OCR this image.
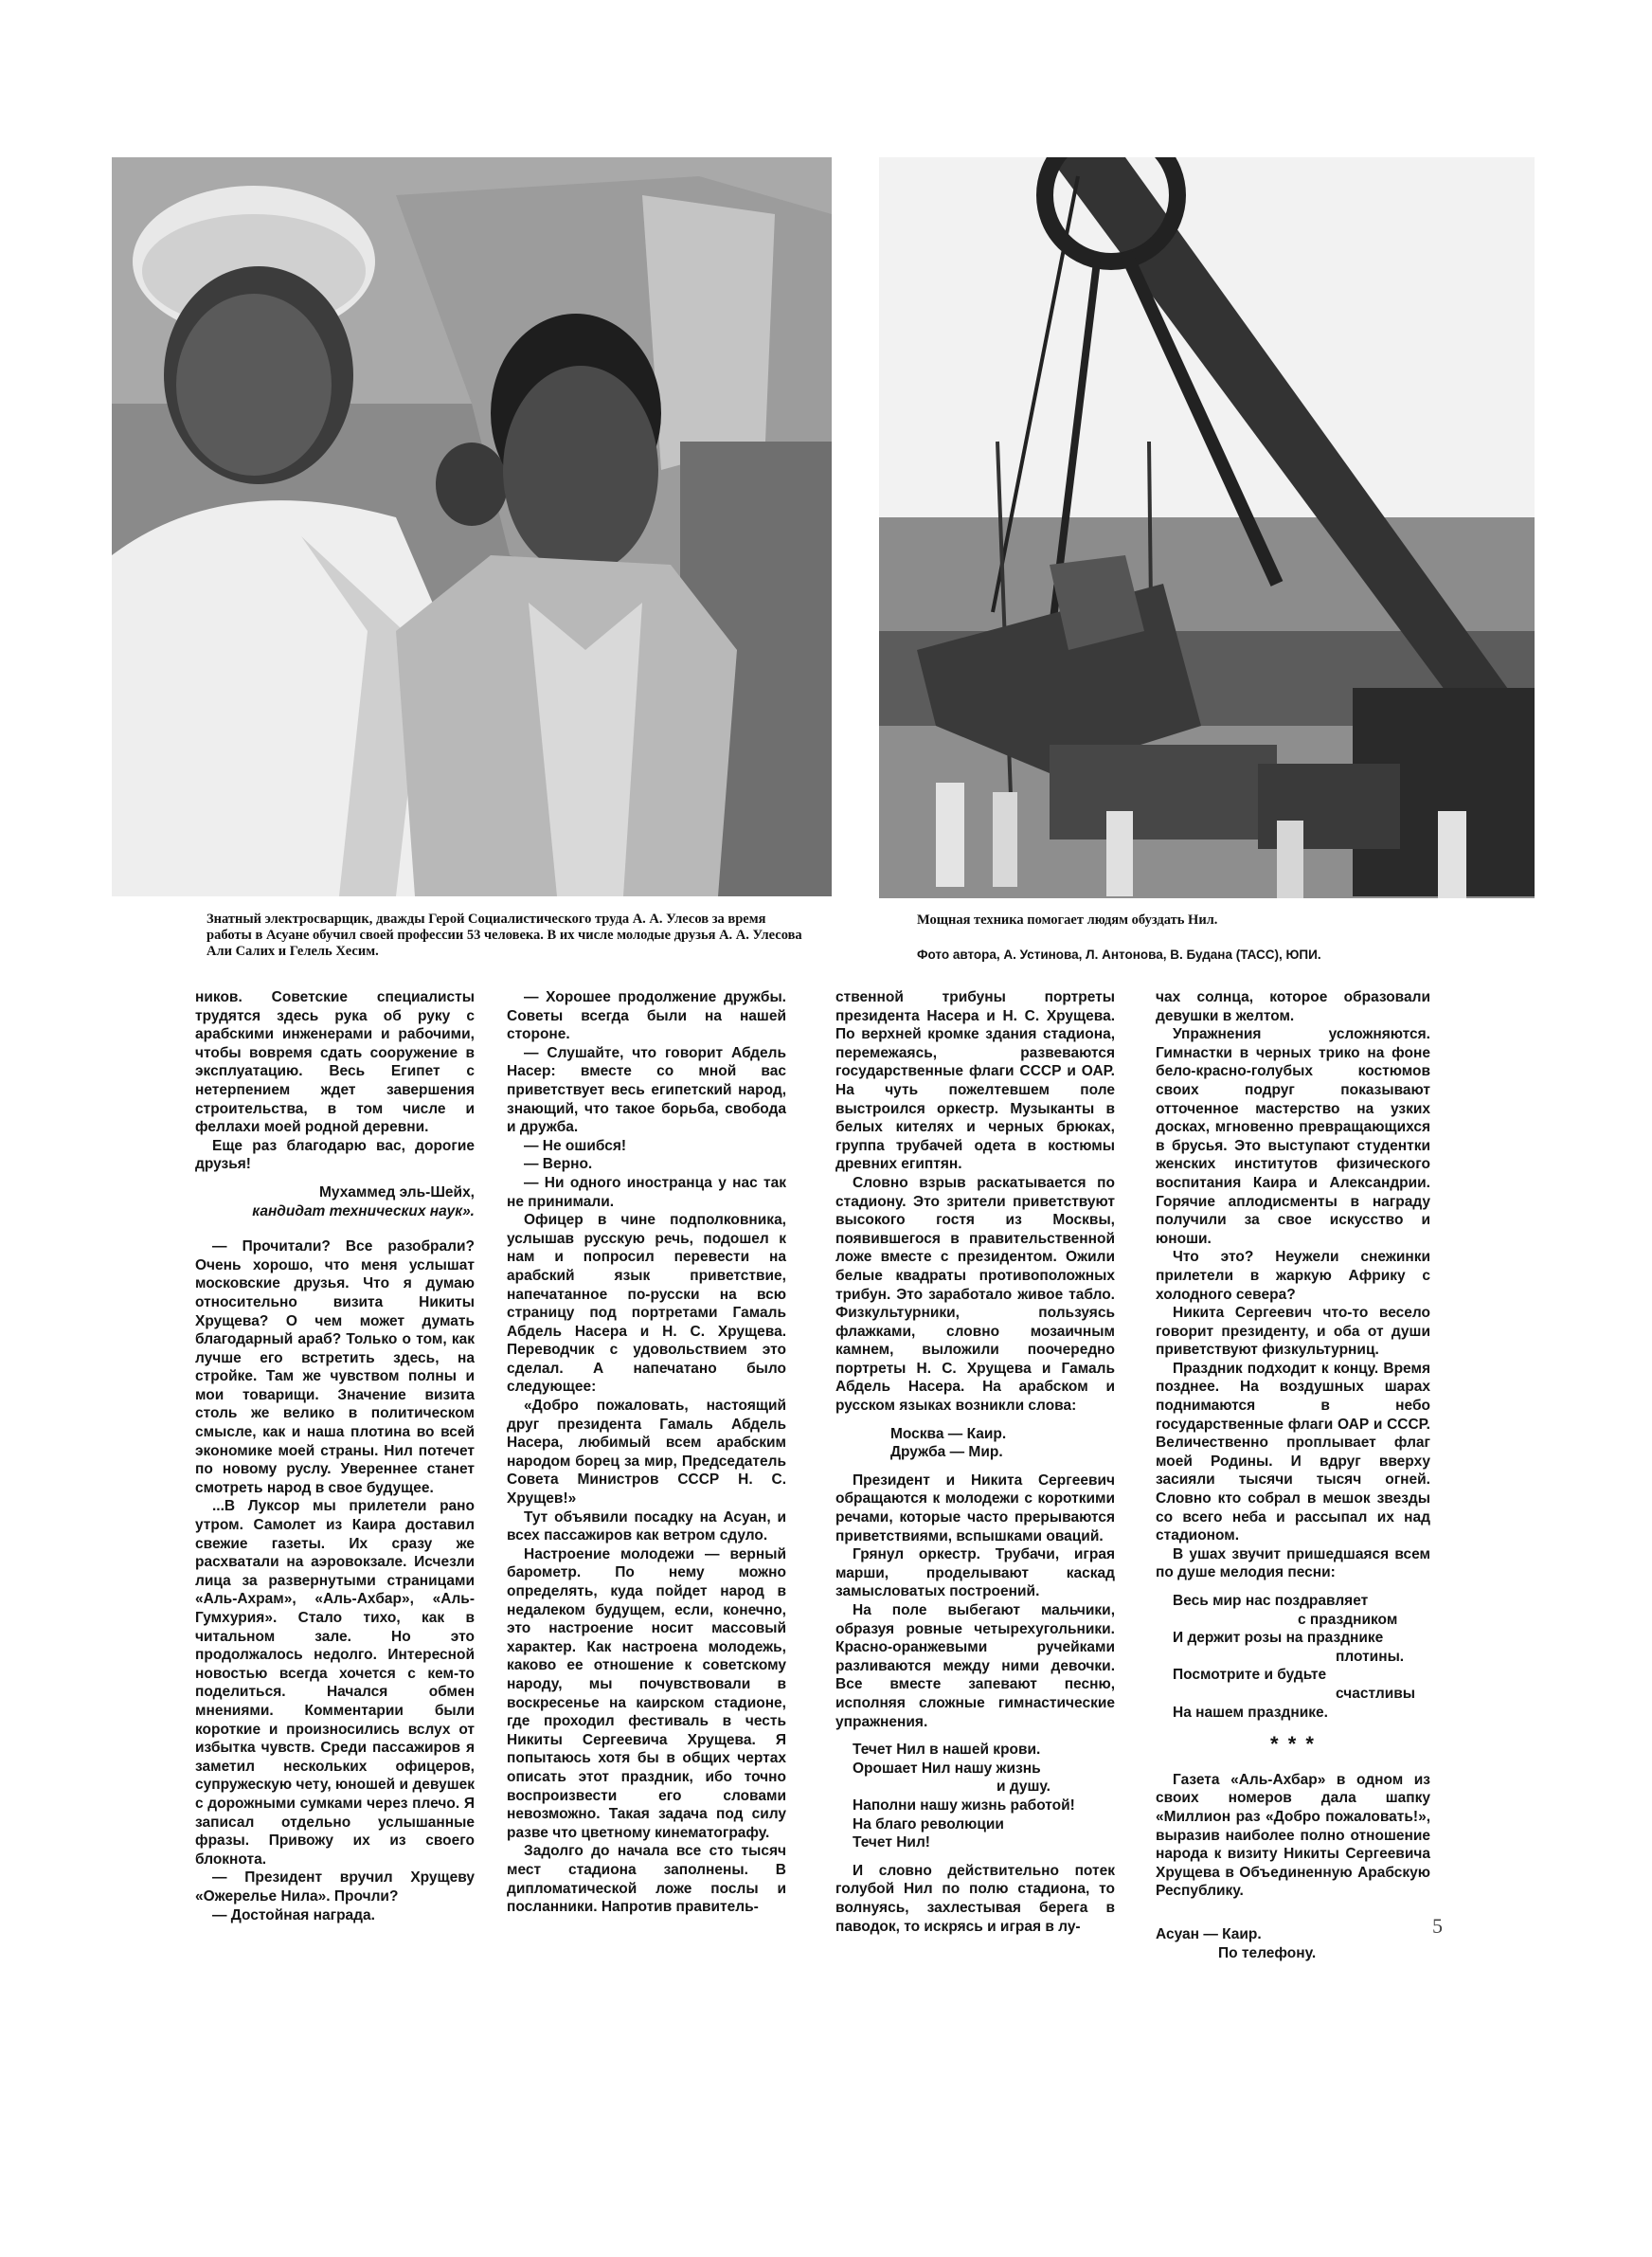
Знатный электросварщик, дважды Герой Социалистического труда А. А. Улесов за время работы в Асуане обучил своей профессии 53 человека. В их числе молодые друзья А. А. Улесова Али Салих и Гелель Хесим.
Мощная техника помогает людям обуздать Нил.
Фото автора, А. Устинова, Л. Антонова, В. Будана (ТАСС), ЮПИ.

ников. Советские специалисты трудятся здесь рука об руку с арабскими инженерами и рабочими, чтобы вовремя сдать сооружение в эксплуатацию. Весь Египет с нетерпением ждет завершения строительства, в том числе и феллахи моей родной деревни.

Еще раз благодарю вас, дорогие друзья!

Мухаммед эль-Шейх,
кандидат технических наук».

— Прочитали? Все разобрали? Очень хорошо, что меня услышат московские друзья. Что я думаю относительно визита Никиты Хрущева? О чем может думать благодарный араб? Только о том, как лучше его встретить здесь, на стройке. Там же чувством полны и мои товарищи. Значение визита столь же велико в политическом смысле, как и наша плотина во всей экономике моей страны. Нил потечет по новому руслу. Увереннее станет смотреть народ в свое будущее.

...В Луксор мы прилетели рано утром. Самолет из Каира доставил свежие газеты. Их сразу же расхватали на аэровокзале. Исчезли лица за развернутыми страницами «Аль-Ахрам», «Аль-Ахбар», «Аль-Гумхурия». Стало тихо, как в читальном зале. Но это продолжалось недолго. Интересной новостью всегда хочется с кем-то поделиться. Начался обмен мнениями. Комментарии были короткие и произносились вслух от избытка чувств. Среди пассажиров я заметил нескольких офицеров, супружескую чету, юношей и девушек с дорожными сумками через плечо. Я записал отдельно услышанные фразы. Привожу их из своего блокнота.

— Президент вручил Хрущеву «Ожерелье Нила». Прочли?

— Достойная награда.

— Хорошее продолжение дружбы. Советы всегда были на нашей стороне.

— Слушайте, что говорит Абдель Насер: вместе со мной вас приветствует весь египетский народ, знающий, что такое борьба, свобода и дружба.

— Не ошибся!

— Верно.

— Ни одного иностранца у нас так не принимали.

Офицер в чине подполковника, услышав русскую речь, подошел к нам и попросил перевести на арабский язык приветствие, напечатанное по-русски на всю страницу под портретами Гамаль Абдель Насера и Н. С. Хрущева. Переводчик с удовольствием это сделал. А напечатано было следующее:

«Добро пожаловать, настоящий друг президента Гамаль Абдель Насера, любимый всем арабским народом борец за мир, Председатель Совета Министров СССР Н. С. Хрущев!»

Тут объявили посадку на Асуан, и всех пассажиров как ветром сдуло.

Настроение молодежи — верный барометр. По нему можно определять, куда пойдет народ в недалеком будущем, если, конечно, это настроение носит массовый характер. Как настроена молодежь, каково ее отношение к советскому народу, мы почувствовали в воскресенье на каирском стадионе, где проходил фестиваль в честь Никиты Сергеевича Хрущева. Я попытаюсь хотя бы в общих чертах описать этот праздник, ибо точно воспроизвести его словами невозможно. Такая задача под силу разве что цветному кинематографу.

Задолго до начала все сто тысяч мест стадиона заполнены. В дипломатической ложе послы и посланники. Напротив правитель-

ственной трибуны портреты президента Насера и Н. С. Хрущева. По верхней кромке здания стадиона, перемежаясь, развеваются государственные флаги СССР и ОАР. На чуть пожелтевшем поле выстроился оркестр. Музыканты в белых кителях и черных брюках, группа трубачей одета в костюмы древних египтян.

Словно взрыв раскатывается по стадиону. Это зрители приветствуют высокого гостя из Москвы, появившегося в правительственной ложе вместе с президентом. Ожили белые квадраты противоположных трибун. Это заработало живое табло. Физкультурники, пользуясь флажками, словно мозаичным камнем, выложили поочередно портреты Н. С. Хрущева и Гамаль Абдель Насера. На арабском и русском языках возникли слова:

Москва — Каир.
Дружба — Мир.

Президент и Никита Сергеевич обращаются к молодежи с короткими речами, которые часто прерываются приветствиями, вспышками оваций.

Грянул оркестр. Трубачи, играя марши, проделывают каскад замысловатых построений.

На поле выбегают мальчики, образуя ровные четырехугольники. Красно-оранжевыми ручейками разливаются между ними девочки. Все вместе запевают песню, исполняя сложные гимнастические упражнения.

Течет Нил в нашей крови.
Орошает Нил нашу жизнь
и душу.
Наполни нашу жизнь работой!
На благо революции
Течет Нил!

И словно действительно потек голубой Нил по полю стадиона, то волнуясь, захлестывая берега в паводок, то искрясь и играя в лу-

чах солнца, которое образовали девушки в желтом.

Упражнения усложняются. Гимнастки в черных трико на фоне бело-красно-голубых костюмов своих подруг показывают отточенное мастерство на узких досках, мгновенно превращающихся в брусья. Это выступают студентки женских институтов физического воспитания Каира и Александрии. Горячие аплодисменты в награду получили за свое искусство и юноши.

Что это? Неужели снежинки прилетели в жаркую Африку с холодного севера?

Никита Сергеевич что-то весело говорит президенту, и оба от души приветствуют физкультурниц.

Праздник подходит к концу. Время позднее. На воздушных шарах поднимаются в небо государственные флаги ОАР и СССР. Величественно проплывает флаг моей Родины. И вдруг вверху засияли тысячи тысяч огней. Словно кто собрал в мешок звезды со всего неба и рассыпал их над стадионом.

В ушах звучит пришедшаяся всем по душе мелодия песни:

Весь мир нас поздравляет
с праздником
И держит розы на празднике
плотины.
Посмотрите и будьте
счастливы
На нашем празднике.
* * *

Газета «Аль-Ахбар» в одном из своих номеров дала шапку «Миллион раз «Добро пожаловать!», выразив наиболее полно отношение народа к визиту Никиты Сергеевича Хрущева в Объединенную Арабскую Республику.

Асуан — Каир.
По телефону.
5
